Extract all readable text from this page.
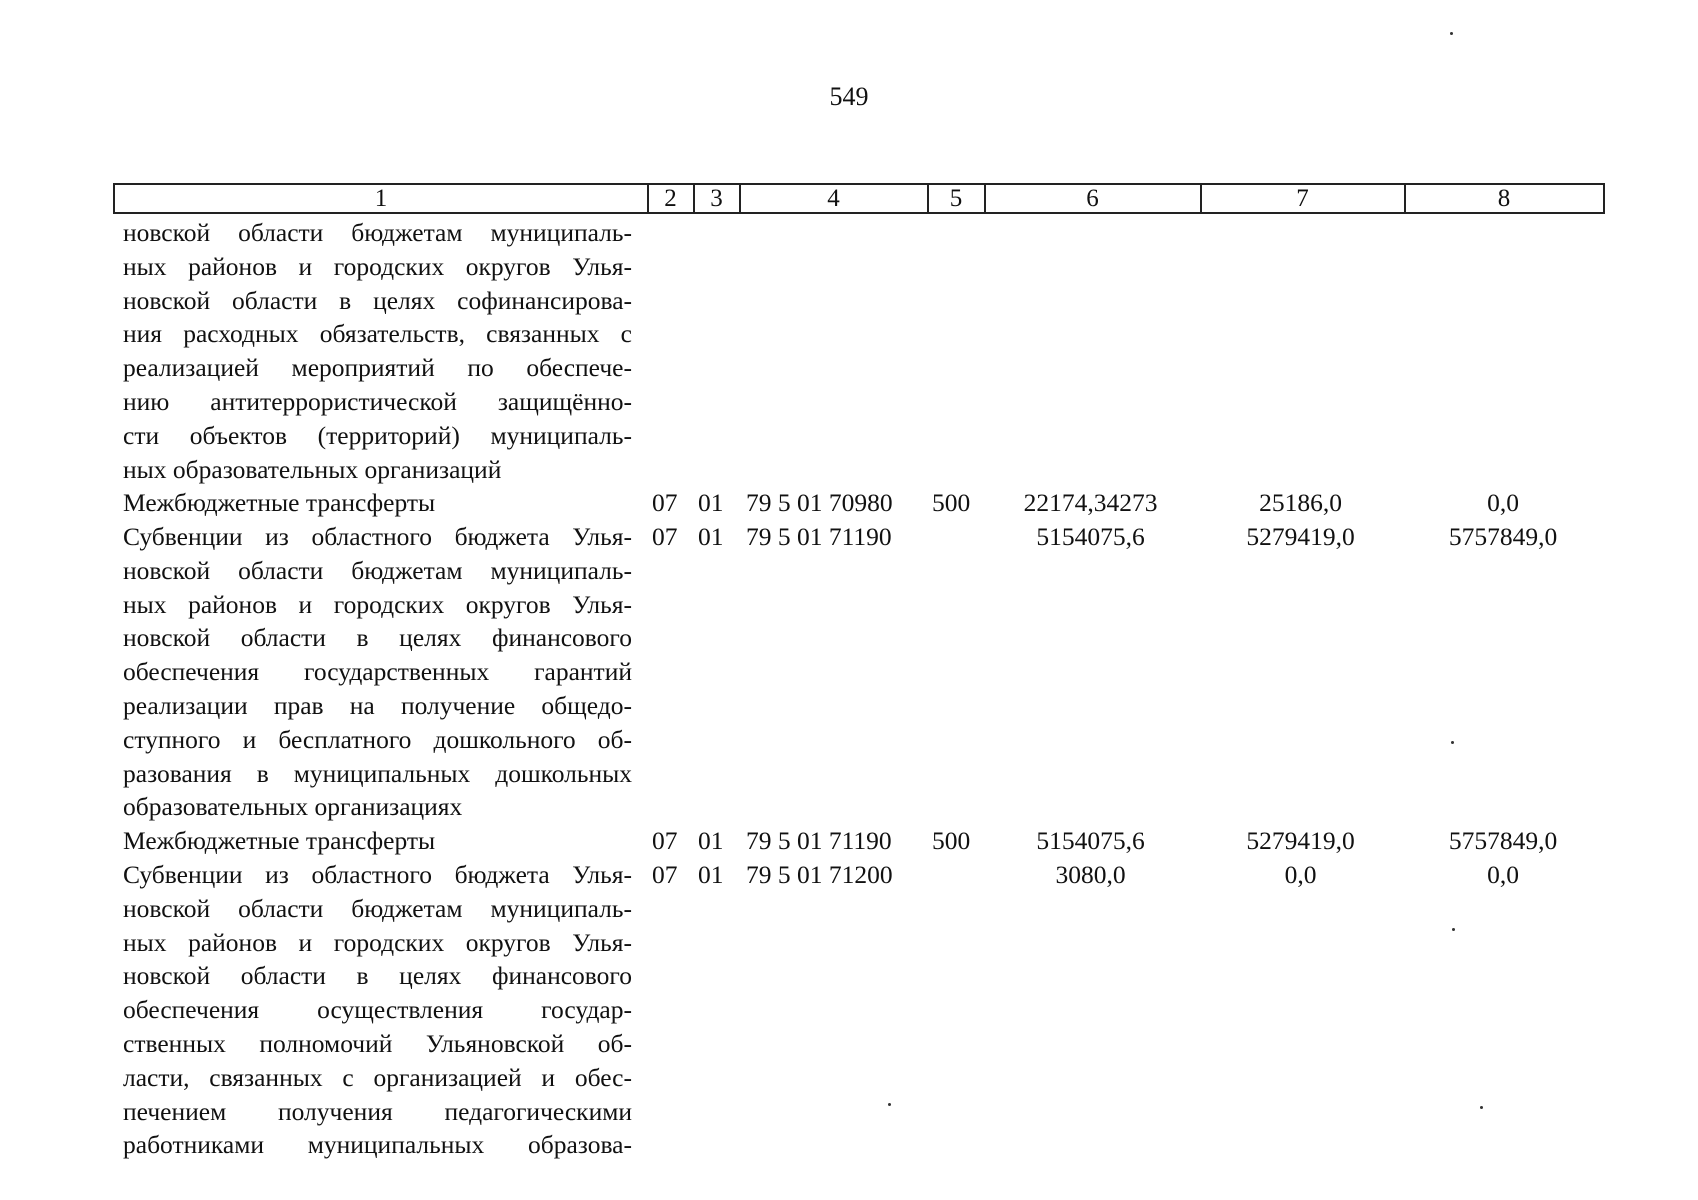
549
1	2	3	4	5	6	7	8
новской области бюджетам муниципаль-
ных районов и городских округов Улья-
новской области в целях софинансирова-
ния расходных обязательств, связанных с
реализацией мероприятий по обеспече-
нию антитеррористической защищённо-
сти объектов (территорий) муниципаль-
ных образовательных организаций
Межбюджетные трансферты	07 01 79 5 01 70980 500	22174,34273	25186,0	0,0
Субвенции из областного бюджета Улья-
новской области бюджетам муниципаль-
ных районов и городских округов Улья-
новской области в целях финансового
обеспечения государственных гарантий
реализации прав на получение общедо-
ступного и бесплатного дошкольного об-
разования в муниципальных дошкольных
образовательных организациях
07 01 79 5 01 71190	5154075,6	5279419,0	5757849,0
Межбюджетные трансферты	07 01 79 5 01 71190 500	5154075,6	5279419,0	5757849,0
Субвенции из областного бюджета Улья-
новской области бюджетам муниципаль-
ных районов и городских округов Улья-
новской области в целях финансового
обеспечения осуществления государ-
ственных полномочий Ульяновской об-
ласти, связанных с организацией и обес-
печением получения педагогическими
работниками муниципальных образова-
07 01 79 5 01 71200	3080,0	0,0	0,0
